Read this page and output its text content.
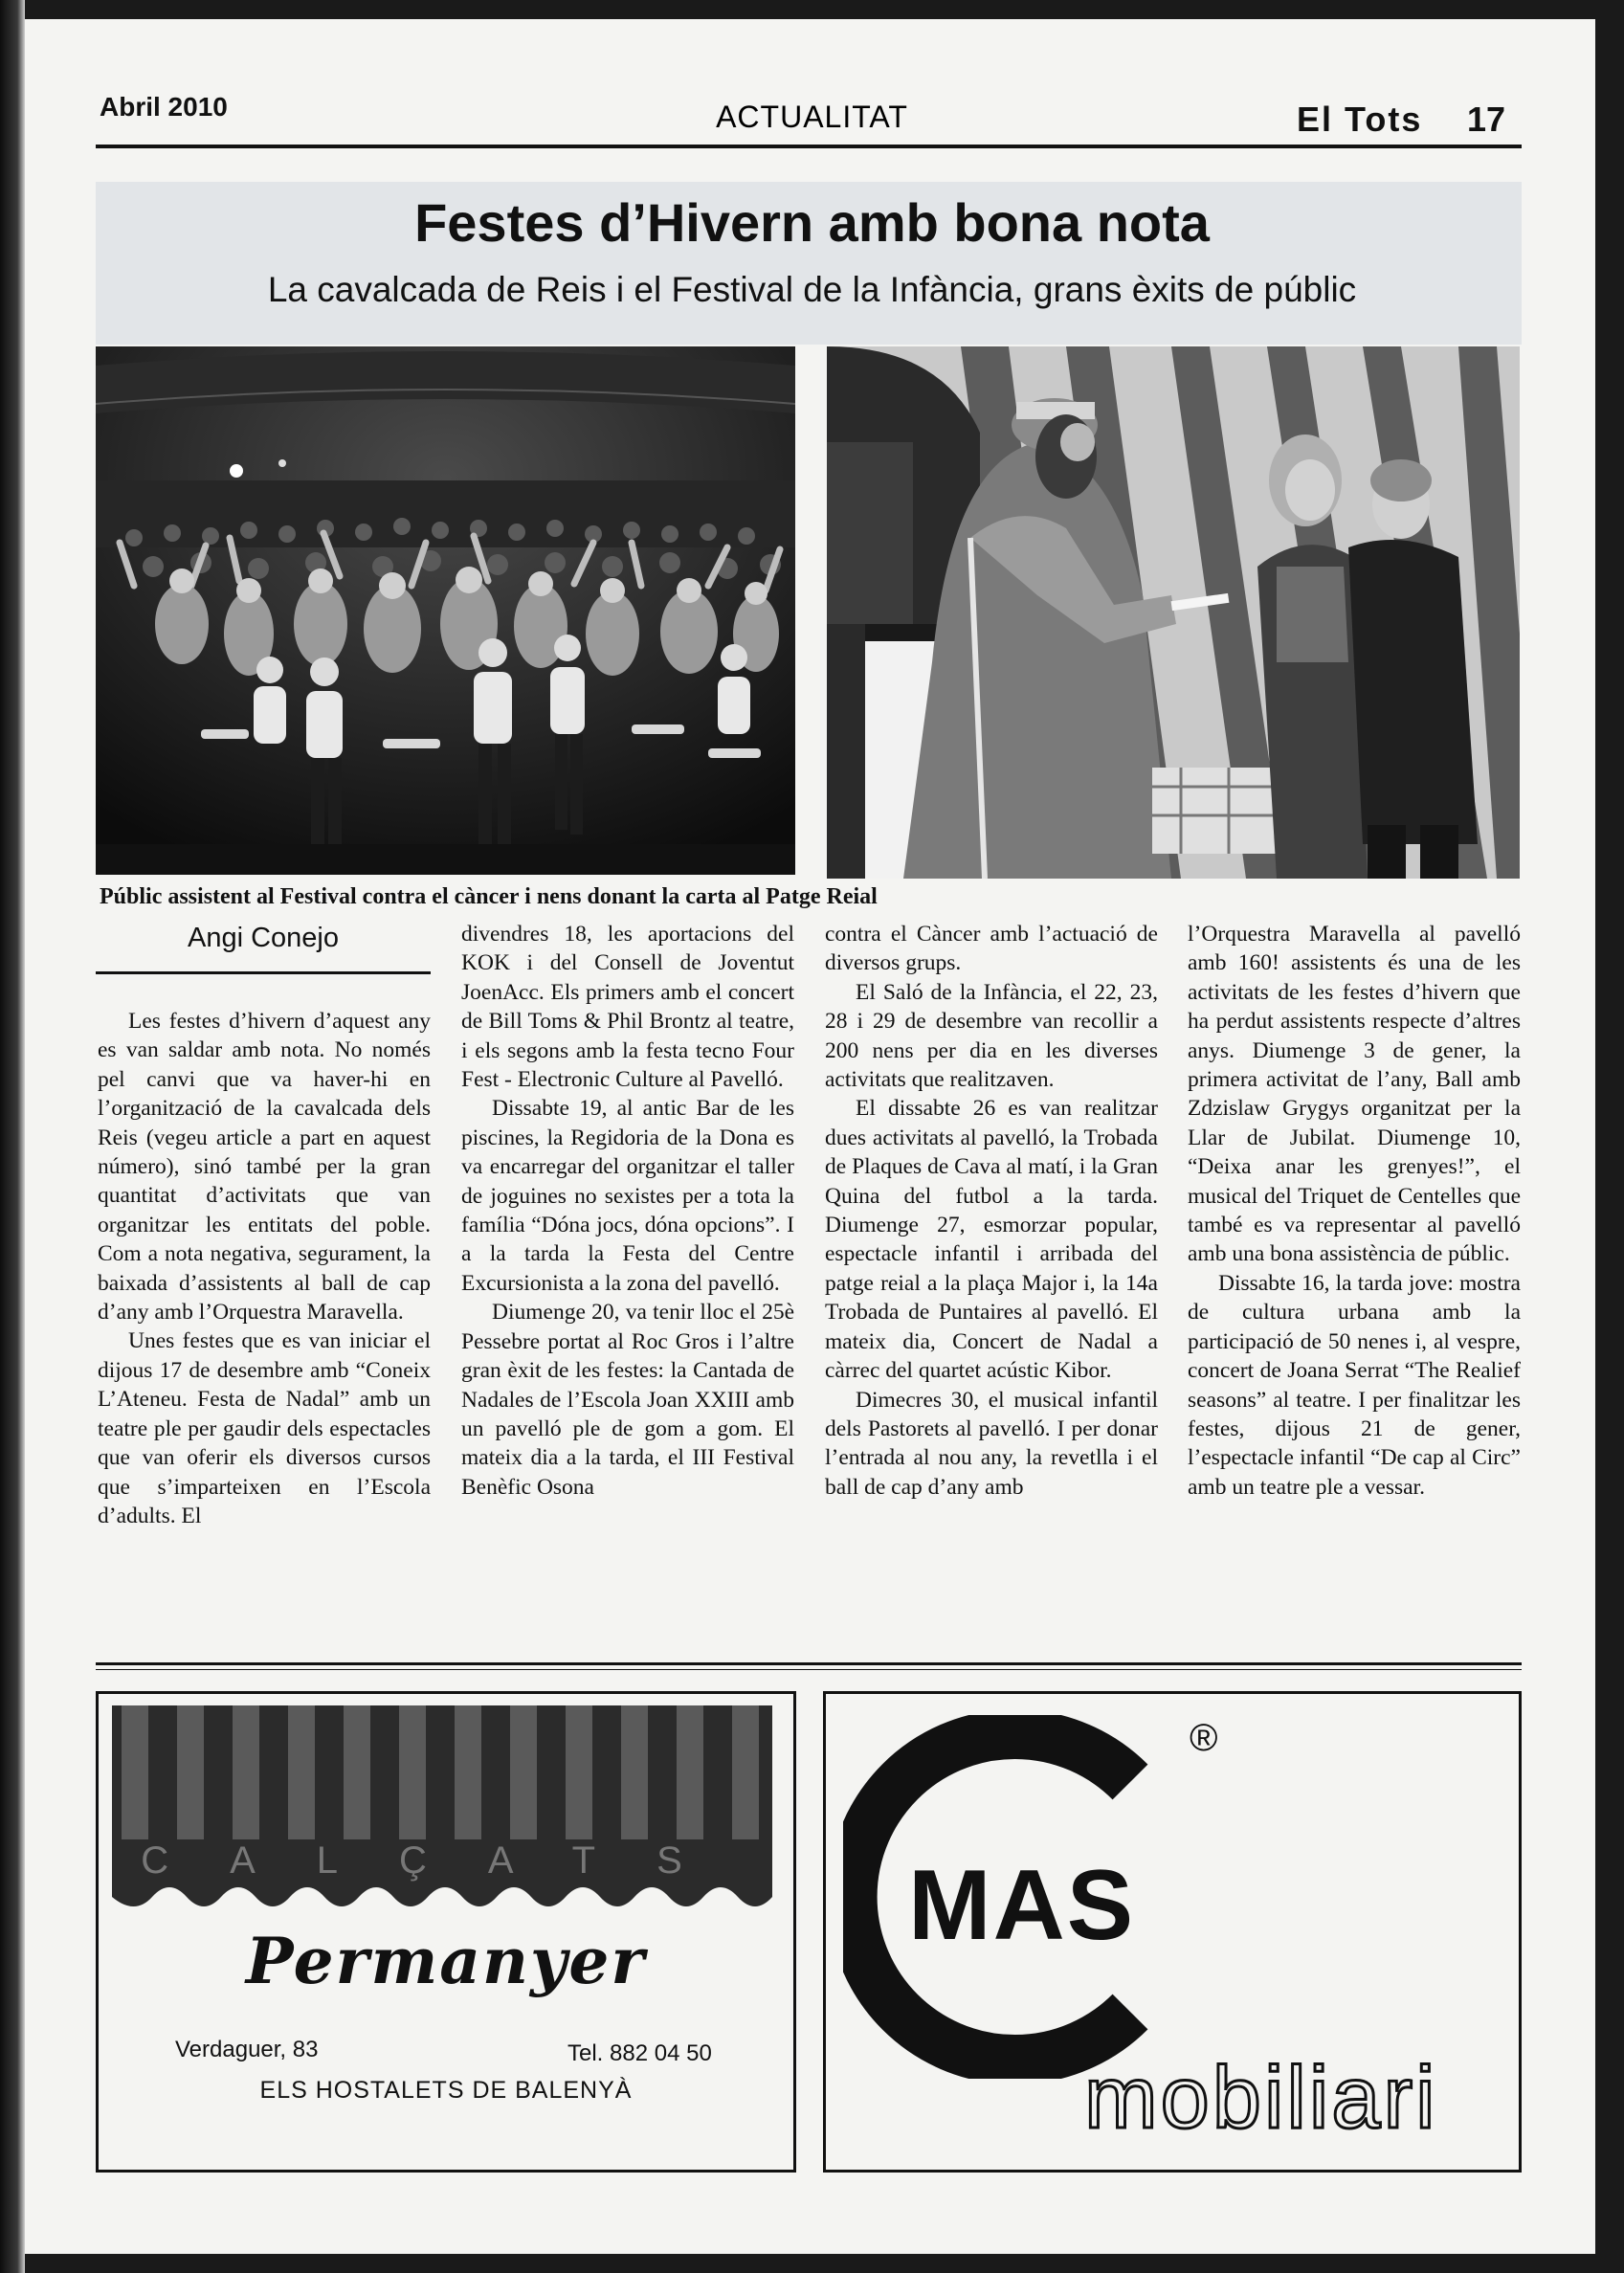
Abril 2010	ACTUALITAT	El Tots 17
Festes d’Hivern amb bona nota
La cavalcada de Reis i el Festival de la Infància, grans èxits de públic
Públic assistent al Festival contra el càncer i nens donant la carta al Patge Reial
Angi Conejo

Les festes d’hivern d’aquest any es van saldar amb nota. No només pel canvi que va haver-hi en l’organització de la cavalcada dels Reis (vegeu article a part en aquest número), sinó també per la gran quantitat d’activitats que van organitzar les entitats del poble. Com a nota negativa, segurament, la baixada d’assistents al ball de cap d’any amb l’Orquestra Maravella.

Unes festes que es van iniciar el dijous 17 de desembre amb “Coneix L’Ateneu. Festa de Nadal” amb un teatre ple per gaudir dels espectacles que van oferir els diversos cursos que s’imparteixen en l’Escola d’adults. El

divendres 18, les aportacions del KOK i del Consell de Joventut JoenAcc. Els primers amb el concert de Bill Toms & Phil Brontz al teatre, i els segons amb la festa tecno Four Fest - Electronic Culture al Pavelló.

Dissabte 19, al antic Bar de les piscines, la Regidoria de la Dona es va encarregar del organitzar el taller de joguines no sexistes per a tota la família “Dóna jocs, dóna opcions”. I a la tarda la Festa del Centre Excursionista a la zona del pavelló.

Diumenge 20, va tenir lloc el 25è Pessebre portat al Roc Gros i l’altre gran èxit de les festes: la Cantada de Nadales de l’Escola Joan XXIII amb un pavelló ple de gom a gom. El mateix dia a la tarda, el III Festival Benèfic Osona

contra el Càncer amb l’actuació de diversos grups.

El Saló de la Infància, el 22, 23, 28 i 29 de desembre van recollir a 200 nens per dia en les diverses activitats que realitzaven.

El dissabte 26 es van realitzar dues activitats al pavelló, la Trobada de Plaques de Cava al matí, i la Gran Quina del futbol a la tarda. Diumenge 27, esmorzar popular, espectacle infantil i arribada del patge reial a la plaça Major i, la 14a Trobada de Puntaires al pavelló. El mateix dia, Concert de Nadal a càrrec del quartet acústic Kibor.

Dimecres 30, el musical infantil dels Pastorets al pavelló. I per donar l’entrada al nou any, la revetlla i el ball de cap d’any amb

l’Orquestra Maravella al pavelló amb 160! assistents és una de les activitats de les festes d’hivern que ha perdut assistents respecte d’altres anys. Diumenge 3 de gener, la primera activitat de l’any, Ball amb Zdzislaw Grygys organitzat per la Llar de Jubilat. Diumenge 10, “Deixa anar les grenyes!”, el musical del Triquet de Centelles que també es va representar al pavelló amb una bona assistència de públic.

Dissabte 16, la tarda jove: mostra de cultura urbana amb la participació de 50 nenes i, al vespre, concert de Joana Serrat “The Realief seasons” al teatre. I per finalitzar les festes, dijous 21 de gener, l’espectacle infantil “De cap al Circ” amb un teatre ple a vessar.

CALÇATS
Permanyer
Verdaguer, 83	Tel. 882 04 50
ELS HOSTALETS DE BALENYÀ
MAS
®
mobiliari
